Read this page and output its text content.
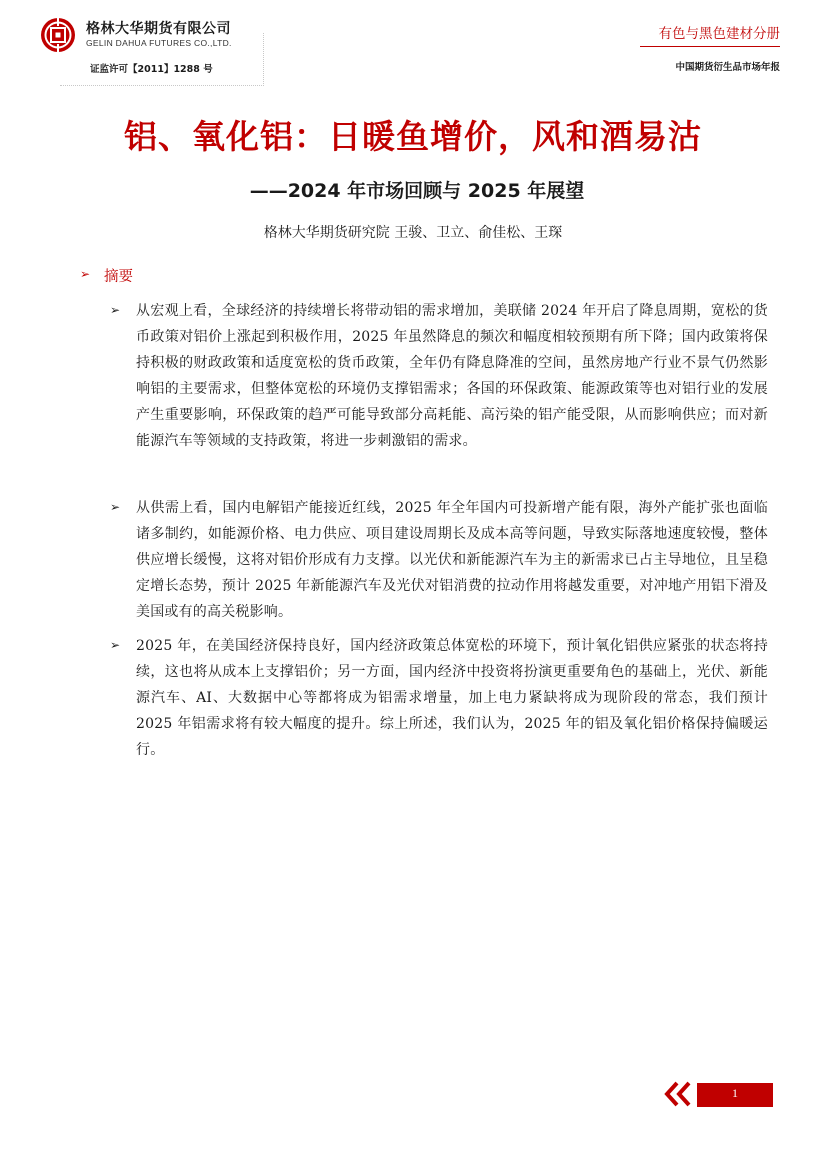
格林大华期货有限公司
GELIN DAHUA FUTURES CO.,LTD.
证监许可【2011】1288 号
有色与黑色建材分册
中国期货衍生品市场年报
铝、氧化铝：日暖鱼增价，风和酒易沽
——2024 年市场回顾与 2025 年展望
格林大华期货研究院 王骏、卫立、俞佳松、王琛
➢ 摘要
➢ 从宏观上看，全球经济的持续增长将带动铝的需求增加，美联储 2024 年开启了降息周期，宽松的货币政策对铝价上涨起到积极作用，2025 年虽然降息的频次和幅度相较预期有所下降；国内政策将保持积极的财政政策和适度宽松的货币政策，全年仍有降息降准的空间，虽然房地产行业不景气仍然影响铝的主要需求，但整体宽松的环境仍支撑铝需求；各国的环保政策、能源政策等也对铝行业的发展产生重要影响，环保政策的趋严可能导致部分高耗能、高污染的铝产能受限，从而影响供应；而对新能源汽车等领域的支持政策，将进一步刺激铝的需求。
➢ 从供需上看，国内电解铝产能接近红线，2025 年全年国内可投新增产能有限，海外产能扩张也面临诸多制约，如能源价格、电力供应、项目建设周期长及成本高等问题，导致实际落地速度较慢，整体供应增长缓慢，这将对铝价形成有力支撑。以光伏和新能源汽车为主的新需求已占主导地位，且呈稳定增长态势，预计 2025 年新能源汽车及光伏对铝消费的拉动作用将越发重要，对冲地产用铝下滑及美国或有的高关税影响。
➢ 2025 年，在美国经济保持良好，国内经济政策总体宽松的环境下，预计氧化铝供应紧张的状态将持续，这也将从成本上支撑铝价；另一方面，国内经济中投资将扮演更重要角色的基础上，光伏、新能源汽车、AI、大数据中心等都将成为铝需求增量，加上电力紧缺将成为现阶段的常态，我们预计 2025 年铝需求将有较大幅度的提升。综上所述，我们认为，2025 年的铝及氧化铝价格保持偏暖运行。
1
